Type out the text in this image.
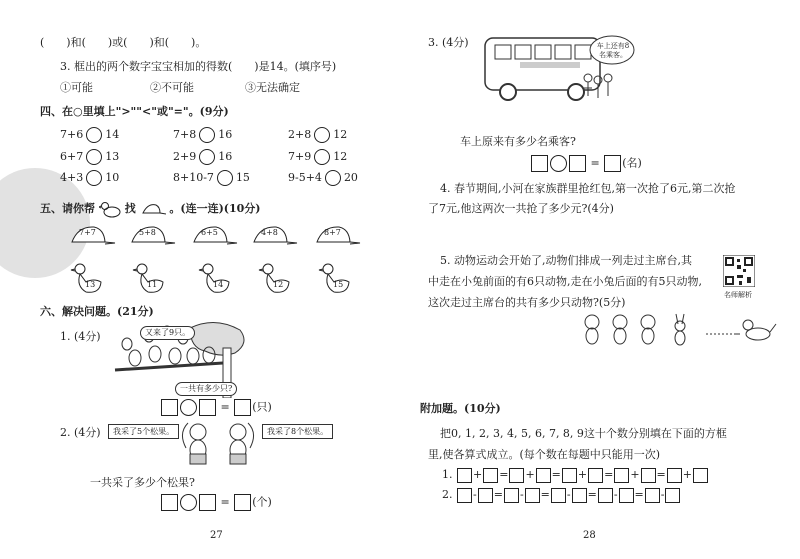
(　　)和(　　)或(　　)和(　　)。
3. 框出的两个数字宝宝相加的得数(　　)是14。(填序号)
①可能	②不可能	③无法确定
四、在○里填上">""<"或"="。(9分)
7+6 14	7+8 16	2+8 12
6+7 13	2+9 16	7+9 12
4+3 10	8+10-7 15	9-5+4 20
五、请你帮	找	。(连一连)(10分)
7+7	5+8	6+5	4+8	8+7
13	11	14	12	15
六、解决问题。(21分)
1. (4分)	又来了9只。
一共有多少只?
= (只)
2. (4分)	我采了5个松果。	我采了8个松果。
一共采了多少个松果?
= (个)
27
3. (4分)	车上还有8名乘客。
车上原来有多少名乘客?
= (名)
4. 春节期间,小河在家族群里抢红包,第一次抢了6元,第二次抢
了7元,他这两次一共抢了多少元?(4分)
5. 动物运动会开始了,动物们排成一列走过主席台,其
中走在小兔前面的有6只动物,走在小兔后面的有5只动物,
这次走过主席台的共有多少只动物?(5分)
名师解析
附加题。(10分)
把0, 1, 2, 3, 4, 5, 6, 7, 8, 9这十个数分别填在下面的方框
里,使各算式成立。(每个数在每题中只能用一次)
1. + = + = + = + = +
2. - = - = - = - = -
28
